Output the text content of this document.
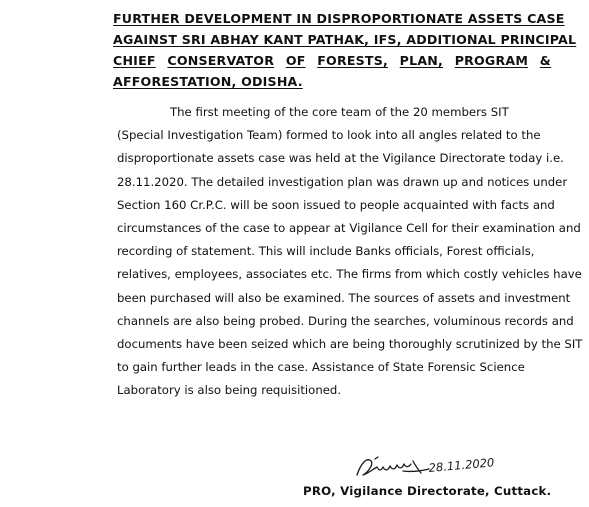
FURTHER DEVELOPMENT IN DISPROPORTIONATE ASSETS CASE
AGAINST SRI ABHAY KANT PATHAK, IFS, ADDITIONAL PRINCIPAL
CHIEF CONSERVATOR OF FORESTS, PLAN, PROGRAM &
AFFORESTATION, ODISHA.
The first meeting of the core team of the 20 members SIT
(Special Investigation Team) formed to look into all angles related to the
disproportionate assets case was held at the Vigilance Directorate today i.e.
28.11.2020. The detailed investigation plan was drawn up and notices under
Section 160 Cr.P.C. will be soon issued to people acquainted with facts and
circumstances of the case to appear at Vigilance Cell for their examination and
recording of statement. This will include Banks officials, Forest officials,
relatives, employees, associates etc. The firms from which costly vehicles have
been purchased will also be examined. The sources of assets and investment
channels are also being probed. During the searches, voluminous records and
documents have been seized which are being thoroughly scrutinized by the SIT
to gain further leads in the case. Assistance of State Forensic Science
Laboratory is also being requisitioned.
28.11.2020
PRO, Vigilance Directorate, Cuttack.
